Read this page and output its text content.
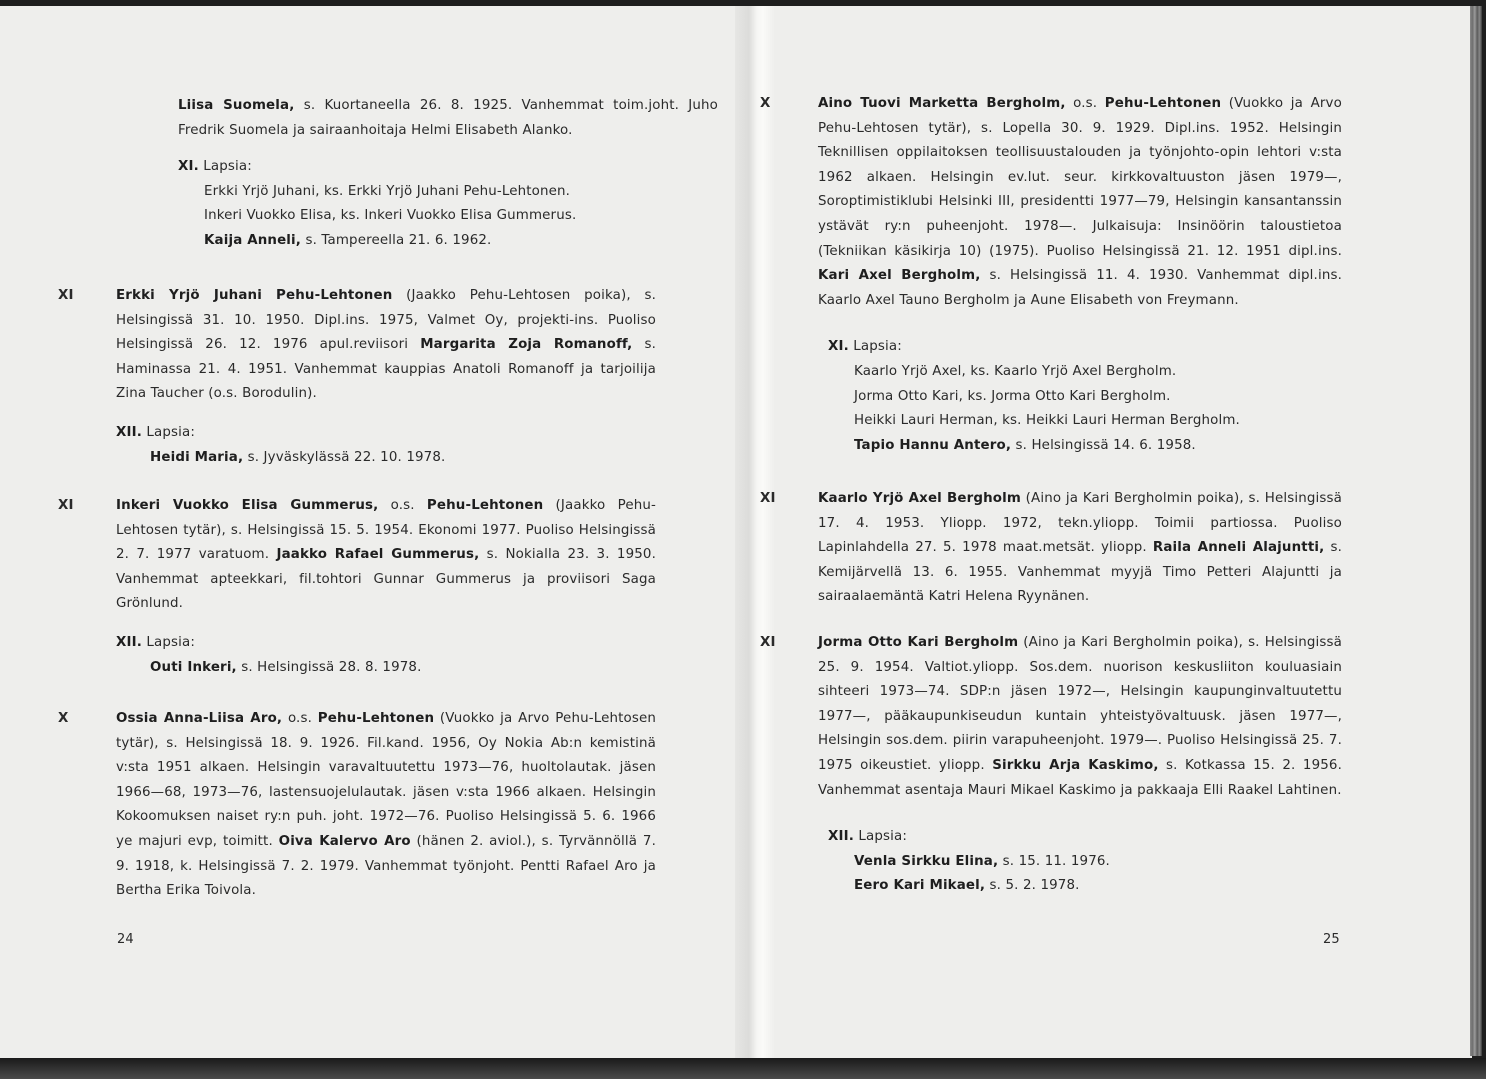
Liisa Suomela, s. Kuortaneella 26. 8. 1925. Vanhemmat toim.joht. Juho Fredrik Suomela ja sairaanhoitaja Helmi Elisabeth Alanko.

XI. Lapsia:

Erkki Yrjö Juhani, ks. Erkki Yrjö Juhani Pehu-Lehtonen.

Inkeri Vuokko Elisa, ks. Inkeri Vuokko Elisa Gummerus.

Kaija Anneli, s. Tampereella 21. 6. 1962.

XI	Erkki Yrjö Juhani Pehu-Lehtonen (Jaakko Pehu-Lehtosen poika), s. Helsingissä 31. 10. 1950. Dipl.ins. 1975, Valmet Oy, projekti-ins. Puoliso Helsingissä 26. 12. 1976 apul.reviisori Margarita Zoja Romanoff, s. Haminassa 21. 4. 1951. Vanhemmat kauppias Anatoli Romanoff ja tarjoilija Zina Taucher (o.s. Borodulin).

XII. Lapsia:

Heidi Maria, s. Jyväskylässä 22. 10. 1978.

XI	Inkeri Vuokko Elisa Gummerus, o.s. Pehu-Lehtonen (Jaakko Pehu-Lehtosen tytär), s. Helsingissä 15. 5. 1954. Ekonomi 1977. Puoliso Helsingissä 2. 7. 1977 varatuom. Jaakko Rafael Gummerus, s. Nokialla 23. 3. 1950. Vanhemmat apteekkari, fil.tohtori Gunnar Gummerus ja proviisori Saga Grönlund.

XII. Lapsia:

Outi Inkeri, s. Helsingissä 28. 8. 1978.

X	Ossia Anna-Liisa Aro, o.s. Pehu-Lehtonen (Vuokko ja Arvo Pehu-Lehtosen tytär), s. Helsingissä 18. 9. 1926. Fil.kand. 1956, Oy Nokia Ab:n kemistinä v:sta 1951 alkaen. Helsingin varavaltuutettu 1973—76, huoltolautak. jäsen 1966—68, 1973—76, lastensuojelulautak. jäsen v:sta 1966 alkaen. Helsingin Kokoomuksen naiset ry:n puh. joht. 1972—76. Puoliso Helsingissä 5. 6. 1966 ye majuri evp, toimitt. Oiva Kalervo Aro (hänen 2. aviol.), s. Tyrvännöllä 7. 9. 1918, k. Helsingissä 7. 2. 1979. Vanhemmat työnjoht. Pentti Rafael Aro ja Bertha Erika Toivola.

24
X	Aino Tuovi Marketta Bergholm, o.s. Pehu-Lehtonen (Vuokko ja Arvo Pehu-Lehtosen tytär), s. Lopella 30. 9. 1929. Dipl.ins. 1952. Helsingin Teknillisen oppilaitoksen teollisuustalouden ja työnjohto-opin lehtori v:sta 1962 alkaen. Helsingin ev.lut. seur. kirkkovaltuuston jäsen 1979—, Soroptimistiklubi Helsinki III, presidentti 1977—79, Helsingin kansantanssin ystävät ry:n puheenjoht. 1978—. Julkaisuja: Insinöörin taloustietoa (Tekniikan käsikirja 10) (1975). Puoliso Helsingissä 21. 12. 1951 dipl.ins. Kari Axel Bergholm, s. Helsingissä 11. 4. 1930. Vanhemmat dipl.ins. Kaarlo Axel Tauno Bergholm ja Aune Elisabeth von Freymann.

XI. Lapsia:

Kaarlo Yrjö Axel, ks. Kaarlo Yrjö Axel Bergholm.

Jorma Otto Kari, ks. Jorma Otto Kari Bergholm.

Heikki Lauri Herman, ks. Heikki Lauri Herman Bergholm.

Tapio Hannu Antero, s. Helsingissä 14. 6. 1958.

XI	Kaarlo Yrjö Axel Bergholm (Aino ja Kari Bergholmin poika), s. Helsingissä 17. 4. 1953. Yliopp. 1972, tekn.yliopp. Toimii partiossa. Puoliso Lapinlahdella 27. 5. 1978 maat.metsät. yliopp. Raila Anneli Alajuntti, s. Kemijärvellä 13. 6. 1955. Vanhemmat myyjä Timo Petteri Alajuntti ja sairaalaemäntä Katri Helena Ryynänen.

XI	Jorma Otto Kari Bergholm (Aino ja Kari Bergholmin poika), s. Helsingissä 25. 9. 1954. Valtiot.yliopp. Sos.dem. nuorison keskusliiton kouluasiain sihteeri 1973—74. SDP:n jäsen 1972—, Helsingin kaupunginvaltuutettu 1977—, pääkaupunkiseudun kuntain yhteistyövaltuusk. jäsen 1977—, Helsingin sos.dem. piirin varapuheenjoht. 1979—. Puoliso Helsingissä 25. 7. 1975 oikeustiet. yliopp. Sirkku Arja Kaskimo, s. Kotkassa 15. 2. 1956. Vanhemmat asentaja Mauri Mikael Kaskimo ja pakkaaja Elli Raakel Lahtinen.

XII. Lapsia:

Venla Sirkku Elina, s. 15. 11. 1976.

Eero Kari Mikael, s. 5. 2. 1978.

25
